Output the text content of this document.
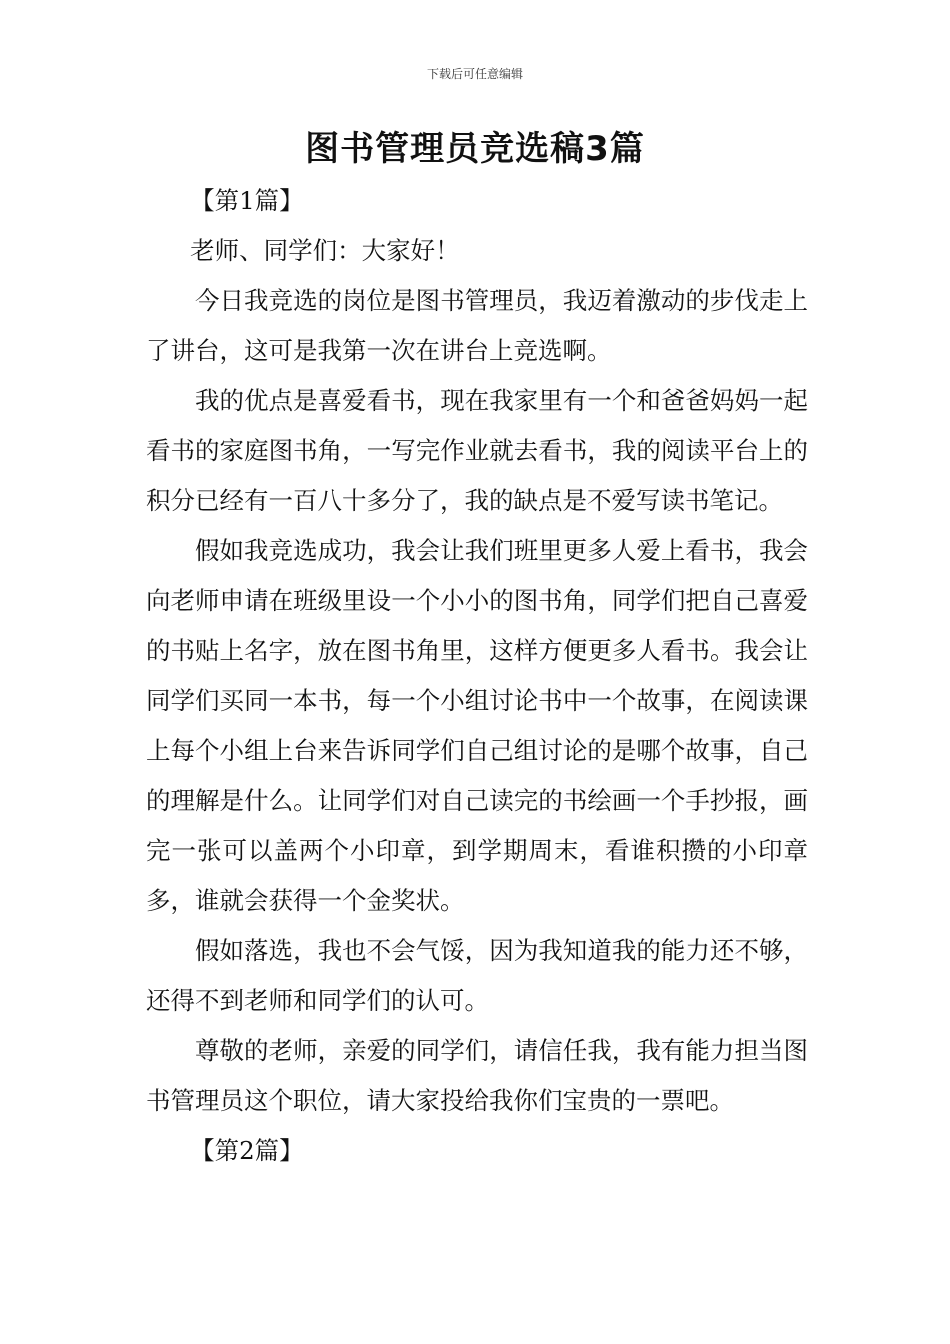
下载后可任意编辑
图书管理员竞选稿3篇

【第1篇】

老师、同学们：大家好！

今日我竞选的岗位是图书管理员，我迈着激动的步伐走上了讲台，这可是我第一次在讲台上竞选啊。

我的优点是喜爱看书，现在我家里有一个和爸爸妈妈一起看书的家庭图书角，一写完作业就去看书，我的阅读平台上的积分已经有一百八十多分了，我的缺点是不爱写读书笔记。

假如我竞选成功，我会让我们班里更多人爱上看书，我会向老师申请在班级里设一个小小的图书角，同学们把自己喜爱的书贴上名字，放在图书角里，这样方便更多人看书。我会让同学们买同一本书，每一个小组讨论书中一个故事，在阅读课上每个小组上台来告诉同学们自己组讨论的是哪个故事，自己的理解是什么。让同学们对自己读完的书绘画一个手抄报，画完一张可以盖两个小印章，到学期周末，看谁积攒的小印章多，谁就会获得一个金奖状。

假如落选，我也不会气馁，因为我知道我的能力还不够，还得不到老师和同学们的认可。

尊敬的老师，亲爱的同学们，请信任我，我有能力担当图书管理员这个职位，请大家投给我你们宝贵的一票吧。

【第2篇】
